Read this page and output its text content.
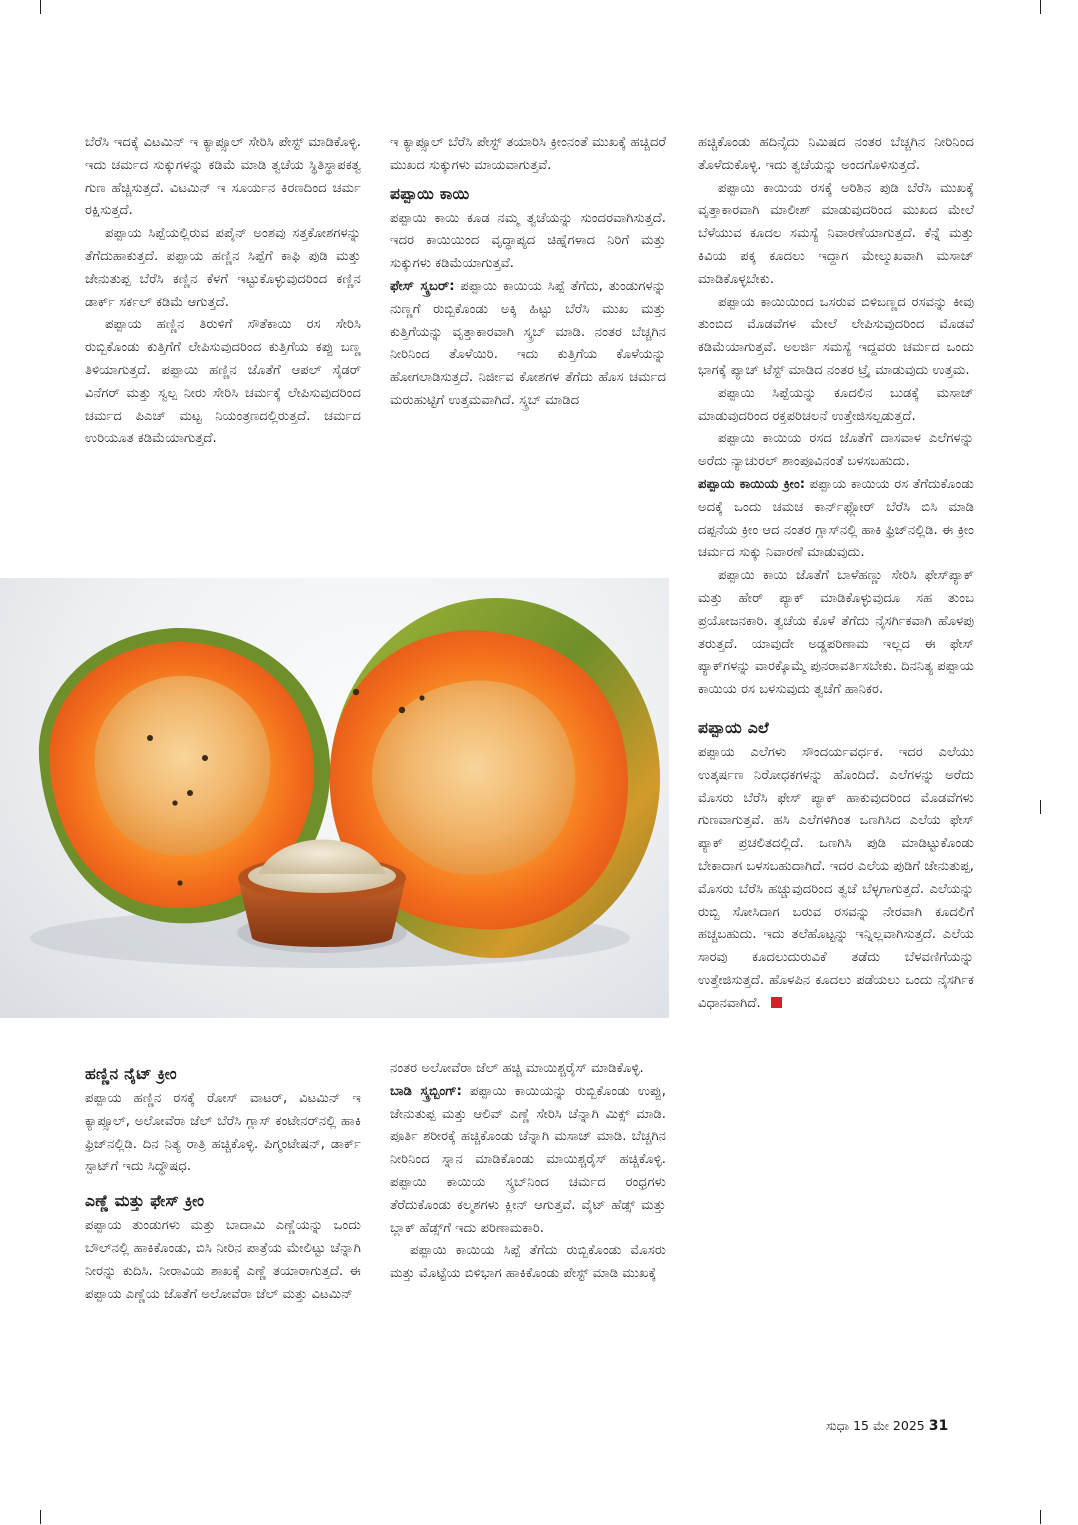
ಬೆರೆಸಿ ಇದಕ್ಕೆ ವಿಟಮಿನ್ ಇ ಕ್ಯಾಪ್ಸೂಲ್ ಸೇರಿಸಿ ಪೇಸ್ಟ್ ಮಾಡಿಕೊಳ್ಳಿ. ಇದು ಚರ್ಮದ ಸುಕ್ಕುಗಳನ್ನು ಕಡಿಮೆ ಮಾಡಿ ತ್ವಚೆಯ ಸ್ಥಿತಿಸ್ಥಾಪಕತ್ವ ಗುಣ ಹೆಚ್ಚಿಸುತ್ತದೆ. ವಿಟಮಿನ್ ಇ ಸೂರ್ಯನ ಕಿರಣದಿಂದ ಚರ್ಮ ರಕ್ಷಿಸುತ್ತದೆ.

ಪಪ್ಪಾಯ ಸಿಪ್ಪೆಯಲ್ಲಿರುವ ಪಪೈನ್ ಅಂಶವು ಸತ್ತಕೋಶಗಳನ್ನು ತೆಗೆದುಹಾಕುತ್ತದೆ. ಪಪ್ಪಾಯ ಹಣ್ಣಿನ ಸಿಪ್ಪೆಗೆ ಕಾಫಿ ಪುಡಿ ಮತ್ತು ಜೇನುತುಪ್ಪ ಬೆರೆಸಿ ಕಣ್ಣಿನ ಕೆಳಗೆ ಇಟ್ಟುಕೊಳ್ಳುವುದರಿಂದ ಕಣ್ಣಿನ ಡಾರ್ಕ್ ಸರ್ಕಲ್ ಕಡಿಮೆ ಆಗುತ್ತದೆ.

ಪಪ್ಪಾಯ ಹಣ್ಣಿನ ತಿರುಳಿಗೆ ಸೌತೆಕಾಯಿ ರಸ ಸೇರಿಸಿ ರುಬ್ಬಿಕೊಂಡು ಕುತ್ತಿಗೆಗೆ ಲೇಪಿಸುವುದರಿಂದ ಕುತ್ತಿಗೆಯ ಕಪ್ಪು ಬಣ್ಣ ತಿಳಿಯಾಗುತ್ತದೆ. ಪಪ್ಪಾಯಿ ಹಣ್ಣಿನ ಜೊತೆಗೆ ಆಪಲ್ ಸೈಡರ್ ವಿನೆಗರ್ ಮತ್ತು ಸ್ವಲ್ಪ ನೀರು ಸೇರಿಸಿ ಚರ್ಮಕ್ಕೆ ಲೇಪಿಸುವುದರಿಂದ ಚರ್ಮದ ಪಿಎಚ್ ಮಟ್ಟ ನಿಯಂತ್ರಣದಲ್ಲಿರುತ್ತದೆ. ಚರ್ಮದ ಉರಿಯೂತ ಕಡಿಮೆಯಾಗುತ್ತದೆ.

ಇ ಕ್ಯಾಪ್ಸೂಲ್ ಬೆರೆಸಿ ಪೇಸ್ಟ್ ತಯಾರಿಸಿ ಕ್ರೀಂನಂತೆ ಮುಖಕ್ಕೆ ಹಚ್ಚಿದರೆ ಮುಖದ ಸುಕ್ಕುಗಳು ಮಾಯವಾಗುತ್ತವೆ.

ಪಪ್ಪಾಯಿ ಕಾಯಿ

ಪಪ್ಪಾಯಿ ಕಾಯಿ ಕೂಡ ನಮ್ಮ ತ್ವಚೆಯನ್ನು ಸುಂದರವಾಗಿಸುತ್ತದೆ. ಇದರ ಕಾಯಿಯಿಂದ ವೃದ್ಧಾಪ್ಯದ ಚಿಹ್ನೆಗಳಾದ ನಿರಿಗೆ ಮತ್ತು ಸುಕ್ಕುಗಳು ಕಡಿಮೆಯಾಗುತ್ತವೆ.

ಫೇಸ್ ಸ್ಕ್ರಬರ್: ಪಪ್ಪಾಯಿ ಕಾಯಿಯ ಸಿಪ್ಪೆ ತೆಗೆದು, ತುಂಡುಗಳನ್ನು ನುಣ್ಣಗೆ ರುಬ್ಬಿಕೊಂಡು ಅಕ್ಕಿ ಹಿಟ್ಟು ಬೆರೆಸಿ ಮುಖ ಮತ್ತು ಕುತ್ತಿಗೆಯನ್ನು ವೃತ್ತಾಕಾರವಾಗಿ ಸ್ಕ್ರಬ್ ಮಾಡಿ. ನಂತರ ಬೆಚ್ಚಗಿನ ನೀರಿನಿಂದ ತೊಳೆಯಿರಿ. ಇದು ಕುತ್ತಿಗೆಯ ಕೊಳೆಯನ್ನು ಹೋಗಲಾಡಿಸುತ್ತದೆ. ನಿರ್ಜೀವ ಕೋಶಗಳ ತೆಗೆದು ಹೊಸ ಚರ್ಮದ ಮರುಹುಟ್ಟಿಗೆ ಉತ್ತಮವಾಗಿದೆ. ಸ್ಕ್ರಬ್ ಮಾಡಿದ

ಹಚ್ಚಿಕೊಂಡು ಹದಿನೈದು ನಿಮಿಷದ ನಂತರ ಬೆಚ್ಚಗಿನ ನೀರಿನಿಂದ ತೊಳೆದುಕೊಳ್ಳಿ. ಇದು ತ್ವಚೆಯನ್ನು ಅಂದಗೊಳಿಸುತ್ತದೆ.

ಪಪ್ಪಾಯಿ ಕಾಯಿಯ ರಸಕ್ಕೆ ಅರಿಶಿನ ಪುಡಿ ಬೆರೆಸಿ ಮುಖಕ್ಕೆ ವೃತ್ತಾಕಾರವಾಗಿ ಮಾಲೀಶ್ ಮಾಡುವುದರಿಂದ ಮುಖದ ಮೇಲೆ ಬೆಳೆಯುವ ಕೂದಲ ಸಮಸ್ಯೆ ನಿವಾರಣೆಯಾಗುತ್ತದೆ. ಕೆನ್ನೆ ಮತ್ತು ಕಿವಿಯ ಪಕ್ಕ ಕೂದಲು ಇದ್ದಾಗ ಮೇಲ್ಮುಖವಾಗಿ ಮಸಾಜ್ ಮಾಡಿಕೊಳ್ಳಬೇಕು.

ಪಪ್ಪಾಯ ಕಾಯಿಯಿಂದ ಒಸರುವ ಬಿಳಿಬಣ್ಣದ ರಸವನ್ನು ಕೀವು ತುಂಬಿದ ಮೊಡವೆಗಳ ಮೇಲೆ ಲೇಪಿಸುವುದರಿಂದ ಮೊಡವೆ ಕಡಿಮೆಯಾಗುತ್ತವೆ. ಅಲರ್ಜಿ ಸಮಸ್ಯೆ ಇದ್ದವರು ಚರ್ಮದ ಒಂದು ಭಾಗಕ್ಕೆ ಪ್ಯಾಚ್ ಟೆಸ್ಟ್ ಮಾಡಿದ ನಂತರ ಟ್ರೈ ಮಾಡುವುದು ಉತ್ತಮ.

ಪಪ್ಪಾಯಿ ಸಿಪ್ಪೆಯನ್ನು ಕೂದಲಿನ ಬುಡಕ್ಕೆ ಮಸಾಜ್ ಮಾಡುವುದರಿಂದ ರಕ್ತಪರಿಚಲನೆ ಉತ್ತೇಜಿಸಲ್ಪಡುತ್ತದೆ.

ಪಪ್ಪಾಯಿ ಕಾಯಿಯ ರಸದ ಜೊತೆಗೆ ದಾಸವಾಳ ಎಲೆಗಳನ್ನು ಅರೆದು ನ್ಯಾಚುರಲ್ ಶಾಂಪೂವಿನಂತೆ ಬಳಸಬಹುದು.

ಪಪ್ಪಾಯ ಕಾಯಿಯ ಕ್ರೀಂ: ಪಪ್ಪಾಯ ಕಾಯಿಯ ರಸ ತೆಗೆದುಕೊಂಡು ಅದಕ್ಕೆ ಒಂದು ಚಮಚ ಕಾರ್ನ್‌ಫ್ಲೋರ್ ಬೆರೆಸಿ ಬಿಸಿ ಮಾಡಿ ದಪ್ಪನೆಯ ಕ್ರೀಂ ಆದ ನಂತರ ಗ್ಲಾಸ್‌ನಲ್ಲಿ ಹಾಕಿ ಫ್ರಿಜ್‌ನಲ್ಲಿಡಿ. ಈ ಕ್ರೀಂ ಚರ್ಮದ ಸುಕ್ಕು ನಿವಾರಣೆ ಮಾಡುವುದು.

ಪಪ್ಪಾಯಿ ಕಾಯಿ ಜೊತೆಗೆ ಬಾಳೆಹಣ್ಣು ಸೇರಿಸಿ ಫೇಸ್‌ಪ್ಯಾಕ್ ಮತ್ತು ಹೇರ್ ಪ್ಯಾಕ್ ಮಾಡಿಕೊಳ್ಳುವುದೂ ಸಹ ತುಂಬ ಪ್ರಯೋಜನಕಾರಿ. ತ್ವಚೆಯ ಕೊಳೆ ತೆಗೆದು ನೈಸರ್ಗಿಕವಾಗಿ ಹೊಳಪು ತರುತ್ತದೆ. ಯಾವುದೇ ಅಡ್ಡಪರಿಣಾಮ ಇಲ್ಲದ ಈ ಫೇಸ್ ಪ್ಯಾಕ್‌ಗಳನ್ನು ವಾರಕ್ಕೊಮ್ಮೆ ಪುನರಾವರ್ತಿಸಬೇಕು. ದಿನನಿತ್ಯ ಪಪ್ಪಾಯ ಕಾಯಿಯ ರಸ ಬಳಸುವುದು ತ್ವಚೆಗೆ ಹಾನಿಕರ.

ಪಪ್ಪಾಯ ಎಲೆ

ಪಪ್ಪಾಯ ಎಲೆಗಳು ಸೌಂದರ್ಯವರ್ಧಕ. ಇದರ ಎಲೆಯು ಉತ್ಕರ್ಷಣ ನಿರೋಧಕಗಳನ್ನು ಹೊಂದಿದೆ. ಎಲೆಗಳನ್ನು ಅರೆದು ಮೊಸರು ಬೆರೆಸಿ ಫೇಸ್ ಪ್ಯಾಕ್ ಹಾಕುವುದರಿಂದ ಮೊಡವೆಗಳು ಗುಣವಾಗುತ್ತವೆ. ಹಸಿ ಎಲೆಗಳಿಗಿಂತ ಒಣಗಿಸಿದ ಎಲೆಯ ಫೇಸ್ ಪ್ಯಾಕ್ ಪ್ರಚಲಿತದಲ್ಲಿದೆ. ಒಣಗಿಸಿ ಪುಡಿ ಮಾಡಿಟ್ಟುಕೊಂಡು ಬೇಕಾದಾಗ ಬಳಸಬಹುದಾಗಿದೆ. ಇದರ ಎಲೆಯ ಪುಡಿಗೆ ಜೇನುತುಪ್ಪ, ಮೊಸರು ಬೆರೆಸಿ ಹಚ್ಚುವುದರಿಂದ ತ್ವಚೆ ಬೆಳ್ಳಗಾಗುತ್ತದೆ. ಎಲೆಯನ್ನು ರುಬ್ಬಿ ಸೋಸಿದಾಗ ಬರುವ ರಸವನ್ನು ನೇರವಾಗಿ ಕೂದಲಿಗೆ ಹಚ್ಚಬಹುದು. ಇದು ತಲೆಹೊಟ್ಟನ್ನು ಇನ್ನಿಲ್ಲವಾಗಿಸುತ್ತದೆ. ಎಲೆಯ ಸಾರವು ಕೂದಲುದುರುವಿಕೆ ತಡೆದು ಬೆಳವಣಿಗೆಯನ್ನು ಉತ್ತೇಜಿಸುತ್ತದೆ. ಹೊಳಪಿನ ಕೂದಲು ಪಡೆಯಲು ಒಂದು ನೈಸರ್ಗಿಕ ವಿಧಾನವಾಗಿದೆ.

ಹಣ್ಣಿನ ನೈಟ್ ಕ್ರೀಂ

ಪಪ್ಪಾಯ ಹಣ್ಣಿನ ರಸಕ್ಕೆ ರೋಸ್ ವಾಟರ್, ವಿಟಮಿನ್ ಇ ಕ್ಯಾಪ್ಸೂಲ್, ಅಲೋವೆರಾ ಜೆಲ್ ಬೆರೆಸಿ ಗ್ಲಾಸ್ ಕಂಟೇನರ್‌ನಲ್ಲಿ ಹಾಕಿ ಫ್ರಿಜ್‌ನಲ್ಲಿಡಿ. ದಿನ ನಿತ್ಯ ರಾತ್ರಿ ಹಚ್ಚಿಕೊಳ್ಳಿ. ಪಿಗ್ಮಂಟೇಷನ್, ಡಾರ್ಕ್ ಸ್ಪಾಟ್‌ಗೆ ಇದು ಸಿದ್ಧೌಷಧ.

ಎಣ್ಣೆ ಮತ್ತು ಫೇಸ್ ಕ್ರೀಂ

ಪಪ್ಪಾಯ ತುಂಡುಗಳು ಮತ್ತು ಬಾದಾಮಿ ಎಣ್ಣೆಯನ್ನು ಒಂದು ಬೌಲ್‌ನಲ್ಲಿ ಹಾಕಿಕೊಂಡು, ಬಿಸಿ ನೀರಿನ ಪಾತ್ರೆಯ ಮೇಲಿಟ್ಟು ಚೆನ್ನಾಗಿ ನೀರನ್ನು ಕುದಿಸಿ. ನೀರಾವಿಯ ಶಾಖಕ್ಕೆ ಎಣ್ಣೆ ತಯಾರಾಗುತ್ತದೆ. ಈ ಪಪ್ಪಾಯ ಎಣ್ಣೆಯ ಜೊತೆಗೆ ಅಲೋವೆರಾ ಜೆಲ್ ಮತ್ತು ವಿಟಮಿನ್

ನಂತರ ಅಲೋವೆರಾ ಜೆಲ್ ಹಚ್ಚಿ ಮಾಯಿಶ್ಚರೈಸ್ ಮಾಡಿಕೊಳ್ಳಿ.

ಬಾಡಿ ಸ್ಕ್ರಬ್ಬಿಂಗ್: ಪಪ್ಪಾಯಿ ಕಾಯಿಯನ್ನು ರುಬ್ಬಿಕೊಂಡು ಉಪ್ಪು, ಜೇನುತುಪ್ಪ ಮತ್ತು ಆಲಿವ್ ಎಣ್ಣೆ ಸೇರಿಸಿ ಚೆನ್ನಾಗಿ ಮಿಕ್ಸ್ ಮಾಡಿ. ಪೂರ್ತಿ ಶರೀರಕ್ಕೆ ಹಚ್ಚಿಕೊಂಡು ಚೆನ್ನಾಗಿ ಮಸಾಜ್ ಮಾಡಿ. ಬೆಚ್ಚಗಿನ ನೀರಿನಿಂದ ಸ್ನಾನ ಮಾಡಿಕೊಂಡು ಮಾಯಿಶ್ಚರೈಸ್ ಹಚ್ಚಿಕೊಳ್ಳಿ. ಪಪ್ಪಾಯಿ ಕಾಯಿಯ ಸ್ಕ್ರಬ್‌ನಿಂದ ಚರ್ಮದ ರಂಧ್ರಗಳು ತೆರೆದುಕೊಂಡು ಕಲ್ಮಶಗಳು ಕ್ಲೀನ್ ಆಗುತ್ತವೆ. ವೈಟ್ ಹೆಡ್ಸ್ ಮತ್ತು ಬ್ಲಾಕ್ ಹೆಡ್ಸ್‌ಗೆ ಇದು ಪರಿಣಾಮಕಾರಿ.

ಪಪ್ಪಾಯಿ ಕಾಯಿಯ ಸಿಪ್ಪೆ ತೆಗೆದು ರುಬ್ಬಿಕೊಂಡು ಮೊಸರು ಮತ್ತು ಮೊಟ್ಟೆಯ ಬಿಳಿಭಾಗ ಹಾಕಿಕೊಂಡು ಪೇಸ್ಟ್ ಮಾಡಿ ಮುಖಕ್ಕೆ

ಸುಧಾ 15 ಮೇ 2025 31
